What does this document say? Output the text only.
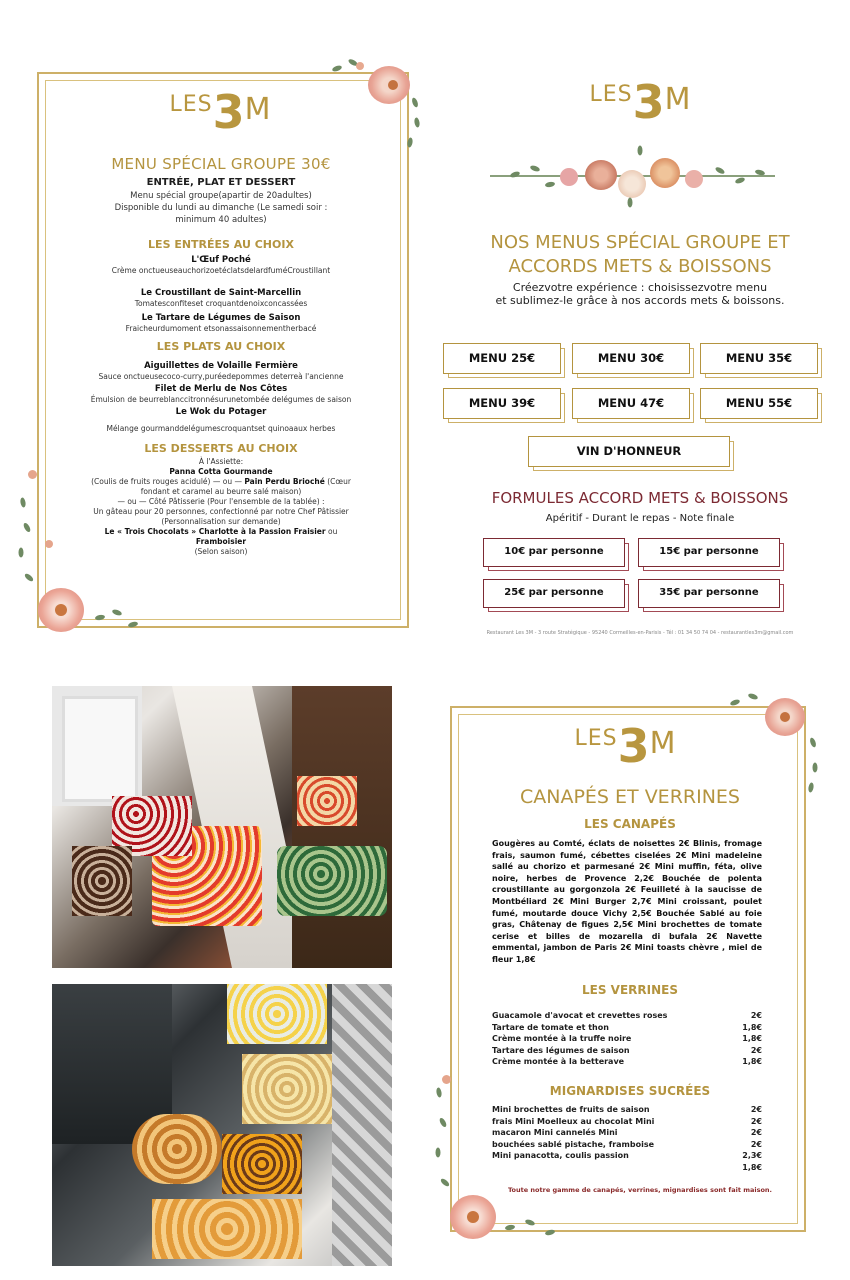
LES3M
MENU SPÉCIAL GROUPE 30€
ENTRÉE, PLAT ET DESSERT
Menu spécial groupe(apartir de 20adultes)
Disponible du lundi au dimanche (Le samedi soir :
minimum 40 adultes)
LES ENTRÉES AU CHOIX
L'Œuf Poché
Crème onctueuseauchorizoetéclatsdelardfuméCroustillant
Le Croustillant de Saint-Marcellin
Tomatesconfiteset croquantdenoixconcassées
Le Tartare de Légumes de Saison
Fraicheurdumoment etsonassaisonnementherbacé
LES PLATS AU CHOIX
Aiguillettes de Volaille Fermière
Sauce onctueusecoco-curry,puréedepommes deterreà l'ancienne
Filet de Merlu de Nos Côtes
Émulsion de beurreblanccitronnésurunetombée delégumes de saison
Le Wok du Potager
Mélange gourmanddelégumescroquantset quinoaaux herbes
LES DESSERTS AU CHOIX
À l'Assiette:
Panna Cotta Gourmande
(Coulis de fruits rouges acidulé) — ou — Pain Perdu Brioché (Cœur
fondant et caramel au beurre salé maison)
— ou — Côté Pâtisserie (Pour l'ensemble de la tablée) :
Un gâteau pour 20 personnes, confectionné par notre Chef Pâtissier
(Personnalisation sur demande)
Le « Trois Chocolats » Charlotte à la Passion Fraisier ou
Framboisier
(Selon saison)
LES3M
NOS MENUS SPÉCIAL GROUPE ET
ACCORDS METS & BOISSONS
Créezvotre expérience : choisissezvotre menu
et sublimez-le grâce à nos accords mets & boissons.
MENU 25€	MENU 30€	MENU 35€
MENU 39€	MENU 47€	MENU 55€
VIN D'HONNEUR
FORMULES ACCORD METS & BOISSONS
Apéritif - Durant le repas - Note finale
10€ par personne	15€ par personne
25€ par personne	35€ par personne
Restaurant Les 3M - 3 route Stratégique - 95240 Cormeilles-en-Parisis - Tél : 01 34 50 74 04 - restaurantles3m@gmail.com
LES3M
CANAPÉS ET VERRINES
LES CANAPÉS
Gougères au Comté, éclats de noisettes 2€ Blinis, fromage frais, saumon fumé, cébettes ciselées 2€ Mini madeleine sallé au chorizo et parmesané 2€ Mini muffin, féta, olive noire, herbes de Provence 2,2€ Bouchée de polenta croustillante au gorgonzola 2€ Feuilleté à la saucisse de Montbéliard 2€ Mini Burger 2,7€ Mini croissant, poulet fumé, moutarde douce Vichy 2,5€ Bouchée Sablé au foie gras, Châtenay de figues 2,5€ Mini brochettes de tomate cerise et billes de mozarella di bufala 2€ Navette emmental, jambon de Paris 2€ Mini toasts chèvre , miel de fleur 1,8€
LES VERRINES
Guacamole d'avocat et crevettes roses	2€
Tartare de tomate et thon	1,8€
Crème montée à la truffe noire	1,8€
Tartare des légumes de saison	2€
Crème montée à la betterave	1,8€
MIGNARDISES SUCRÉES
Mini brochettes de fruits de saison	2€
frais Mini Moelleux au chocolat Mini	2€
macaron Mini cannelés Mini	2€
bouchées sablé pistache, framboise	2€
Mini panacotta, coulis passion	2,3€
1,8€
Toute notre gamme de canapés, verrines, mignardises sont fait maison.
